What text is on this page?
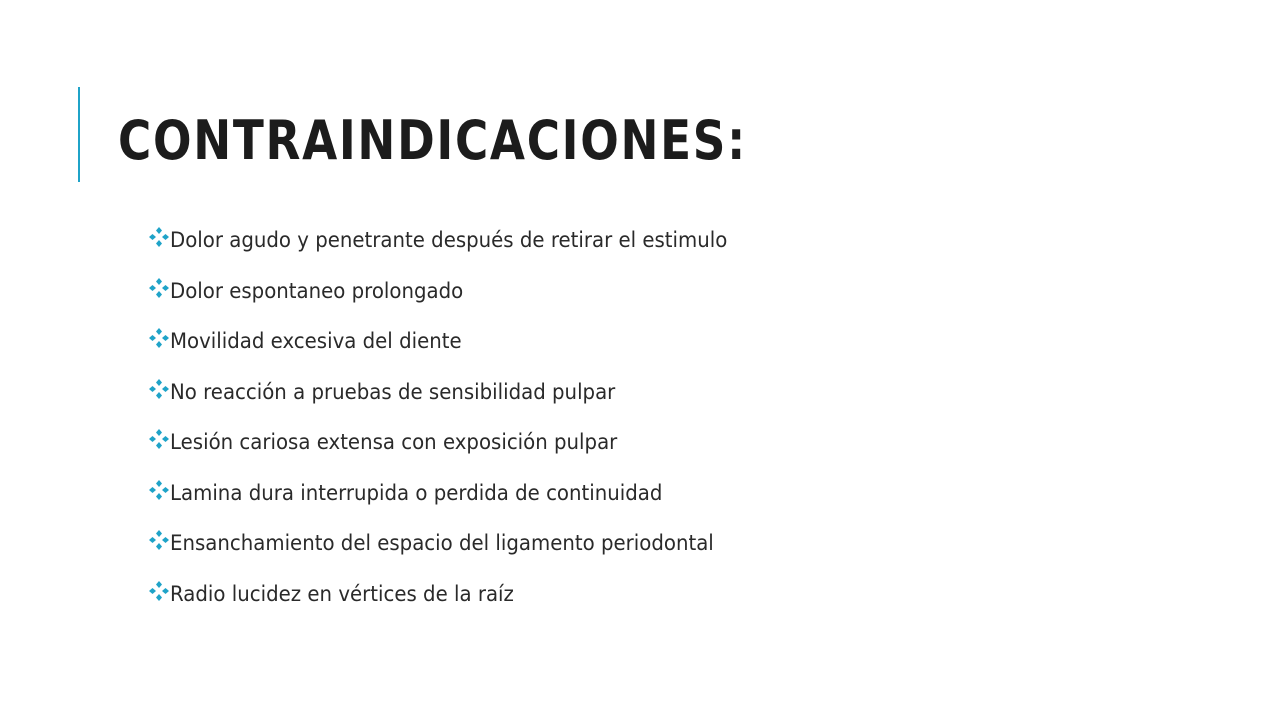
CONTRAINDICACIONES:
Dolor agudo y penetrante después de retirar el estimulo
Dolor espontaneo prolongado
Movilidad excesiva del diente
No reacción a pruebas de sensibilidad pulpar
Lesión cariosa extensa con exposición pulpar
Lamina dura interrupida o perdida de continuidad
Ensanchamiento del espacio del ligamento periodontal
Radio lucidez en vértices de la raíz
